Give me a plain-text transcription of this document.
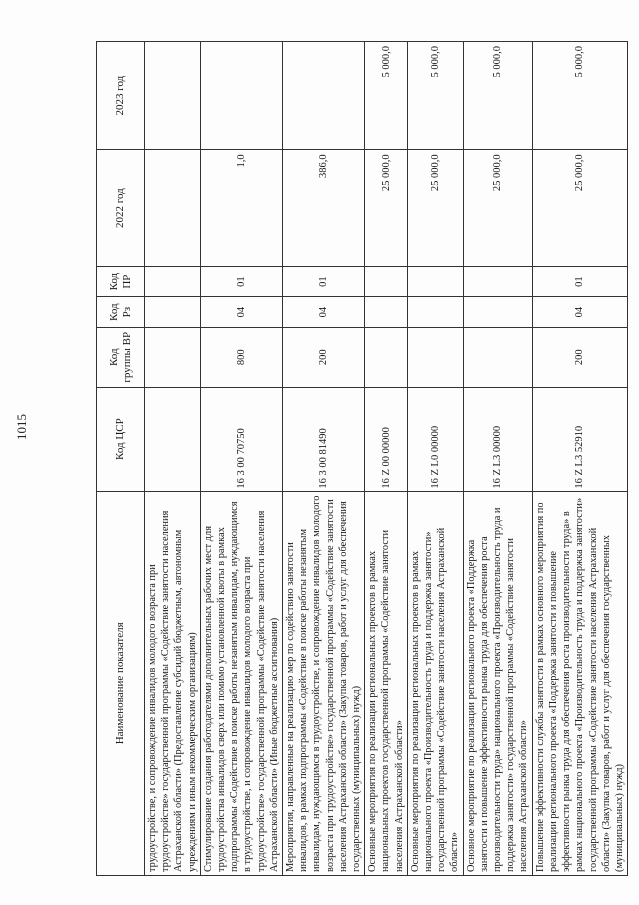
1015
Наименование показателя	Код ЦСР	Код группы ВР	Код Рз	Код ПР	2022 год	2023 год
трудоустройстве, и сопровождение инвалидов молодого возраста при трудоустройстве» государственной программы «Содействие занятости населения Астраханской области» (Предоставление субсидий бюджетным, автономным учреждениям и иным некоммерческим организациям)						
Стимулирование создания работодателями дополнительных рабочих мест для трудоустройства инвалидов сверх или помимо установленной квоты в рамках подпрограммы «Содействие в поиске работы незанятым инвалидам, нуждающимся в трудоустройстве, и сопровождение инвалидов молодого возраста при трудоустройстве» государственной программы «Содействие занятости населения Астраханской области» (Иные бюджетные ассигнования)	16 3 00 70750	800	04	01	1,0	
Мероприятия, направленные на реализацию мер по содействию занятости инвалидов, в рамках подпрограммы «Содействие в поиске работы незанятым инвалидам, нуждающимся в трудоустройстве, и сопровождение инвалидов молодого возраста при трудоустройстве» государственной программы «Содействие занятости населения Астраханской области» (Закупка товаров, работ и услуг для обеспечения государственных (муниципальных) нужд)	16 3 00 81490	200	04	01	386,0	
Основные мероприятия по реализации региональных проектов в рамках национальных проектов государственной программы «Содействие занятости населения Астраханской области»	16 Z 00 00000				25 000,0	5 000,0
Основные мероприятия по реализации региональных проектов в рамках национального проекта «Производительность труда и поддержка занятости» государственной программы «Содействие занятости населения Астраханской области»	16 Z L0 00000				25 000,0	5 000,0
Основное мероприятие по реализации регионального проекта «Поддержка занятости и повышение эффективности рынка труда для обеспечения роста производительности труда» национального проекта «Производительность труда и поддержка занятости» государственной программы «Содействие занятости населения Астраханской области»	16 Z L3 00000				25 000,0	5 000,0
Повышение эффективности службы занятости в рамках основного мероприятия по реализации регионального проекта «Поддержка занятости и повышение эффективности рынка труда для обеспечения роста производительности труда» в рамках национального проекта «Производительность труда и поддержка занятости» государственной программы «Содействие занятости населения Астраханской области» (Закупка товаров, работ и услуг для обеспечения государственных (муниципальных) нужд)	16 Z L3 52910	200	04	01	25 000,0	5 000,0
